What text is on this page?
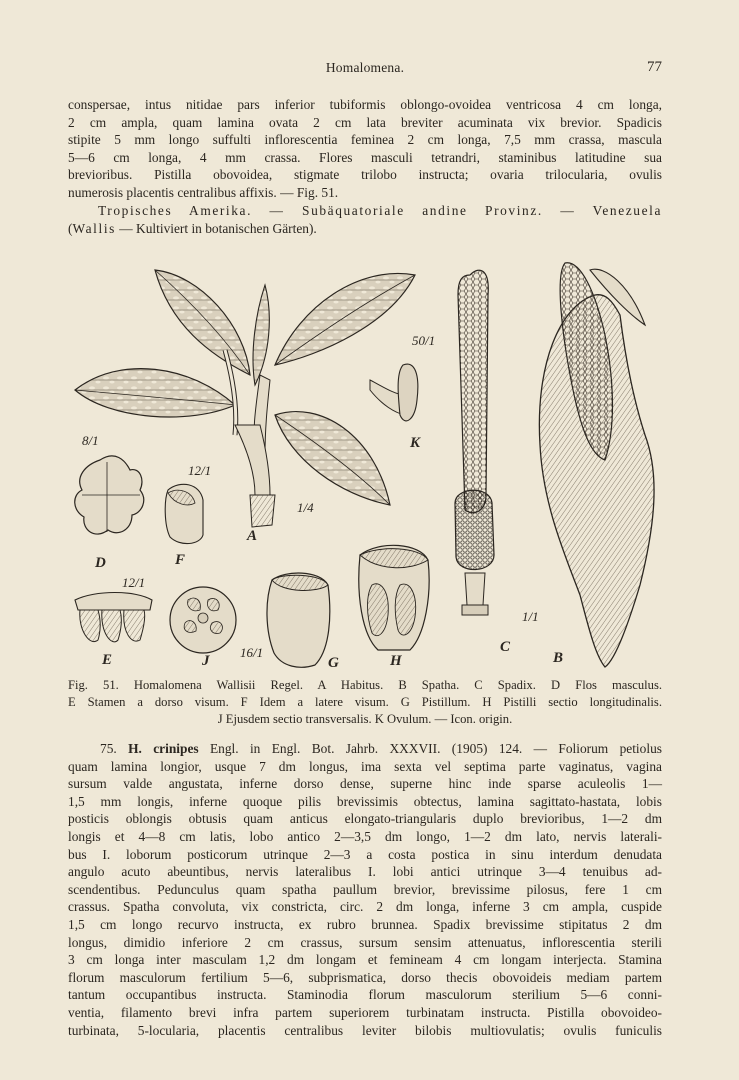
Homalomena.	77
conspersae, intus nitidae pars inferior tubiformis oblongo-ovoidea ventricosa 4 cm longa,
2 cm ampla, quam lamina ovata 2 cm lata breviter acuminata vix brevior. Spadicis
stipite 5 mm longo suffulti inflorescentia feminea 2 cm longa, 7,5 mm crassa, mascula
5—6 cm longa, 4 mm crassa. Flores masculi tetrandri, staminibus latitudine sua
brevioribus. Pistilla obovoidea, stigmate trilobo instructa; ovaria trilocularia, ovulis
numerosis placentis centralibus affixis. — Fig. 51.
Tropisches Amerika. — Subäquatoriale andine Provinz. — Venezuela
(Wallis — Kultiviert in botanischen Gärten).
A
1/4
B
1/1
C
D
8/1
E
12/1
F
12/1
G	H
J
16/1
K
50/1
Fig. 51. Homalomena Wallisii Regel. A Habitus. B Spatha. C Spadix. D Flos masculus.
E Stamen a dorso visum. F Idem a latere visum. G Pistillum. H Pistilli sectio longitudinalis.
J Ejusdem sectio transversalis. K Ovulum. — Icon. origin.
75. H. crinipes Engl. in Engl. Bot. Jahrb. XXXVII. (1905) 124. — Foliorum petiolus
quam lamina longior, usque 7 dm longus, ima sexta vel septima parte vaginatus, vagina
sursum valde angustata, inferne dorso dense, superne hinc inde sparse aculeolis 1—
1,5 mm longis, inferne quoque pilis brevissimis obtectus, lamina sagittato-hastata, lobis
posticis oblongis obtusis quam anticus elongato-triangularis duplo brevioribus, 1—2 dm
longis et 4—8 cm latis, lobo antico 2—3,5 dm longo, 1—2 dm lato, nervis laterali-
bus I. loborum posticorum utrinque 2—3 a costa postica in sinu interdum denudata
angulo acuto abeuntibus, nervis lateralibus I. lobi antici utrinque 3—4 tenuibus ad-
scendentibus. Pedunculus quam spatha paullum brevior, brevissime pilosus, fere 1 cm
crassus. Spatha convoluta, vix constricta, circ. 2 dm longa, inferne 3 cm ampla, cuspide
1,5 cm longo recurvo instructa, ex rubro brunnea. Spadix brevissime stipitatus 2 dm
longus, dimidio inferiore 2 cm crassus, sursum sensim attenuatus, inflorescentia sterili
3 cm longa inter masculam 1,2 dm longam et femineam 4 cm longam interjecta. Stamina
florum masculorum fertilium 5—6, subprismatica, dorso thecis obovoideis mediam partem
tantum occupantibus instructa. Staminodia florum masculorum sterilium 5—6 conni-
ventia, filamento brevi infra partem superiorem turbinatam instructa. Pistilla obovoideo-
turbinata, 5-locularia, placentis centralibus leviter bilobis multiovulatis; ovulis funiculis
